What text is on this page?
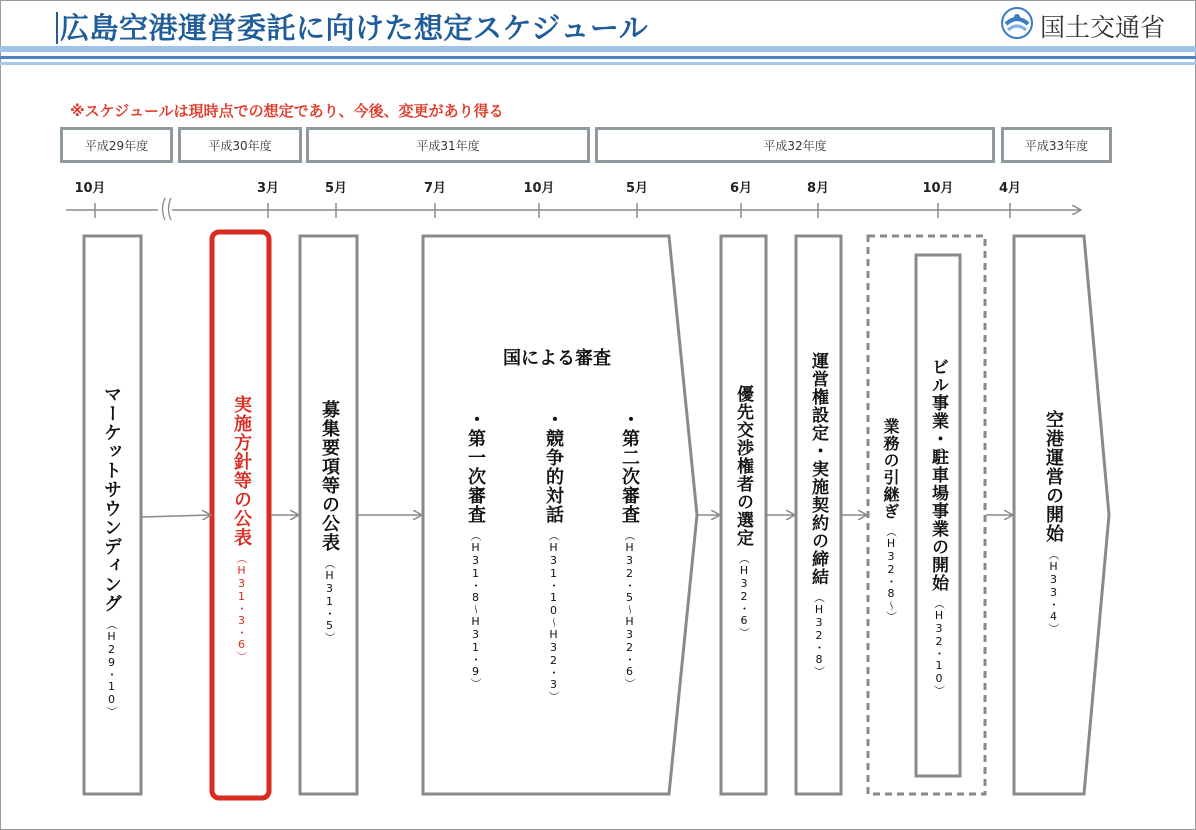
広島空港運営委託に向けた想定スケジュール	国土交通省
※スケジュールは現時点での想定であり、今後、変更があり得る
平成29年度	平成30年度	平成31年度	平成32年度	平成33年度
10月	3月	5月	7月	10月	5月	6月	8月	10月	4月
マーケットサウンディング
（H29・10）
実施方針等の公表
（H31・3・6）
募集要項等の公表
（H31・5）
国による審査
・第一次審査
（H31・8〜H31・9）
・競争的対話
（H31・10〜H32・3）
・第二次審査
（H32・5〜H32・6）
優先交渉権者の選定
（H32・6）
運営権設定・実施契約の締結
（H32・8）
業務の引継ぎ
（H32・8〜） ビル事業・駐車場事業の開始
（H32・10）
空港運営の開始
（H33・4）
